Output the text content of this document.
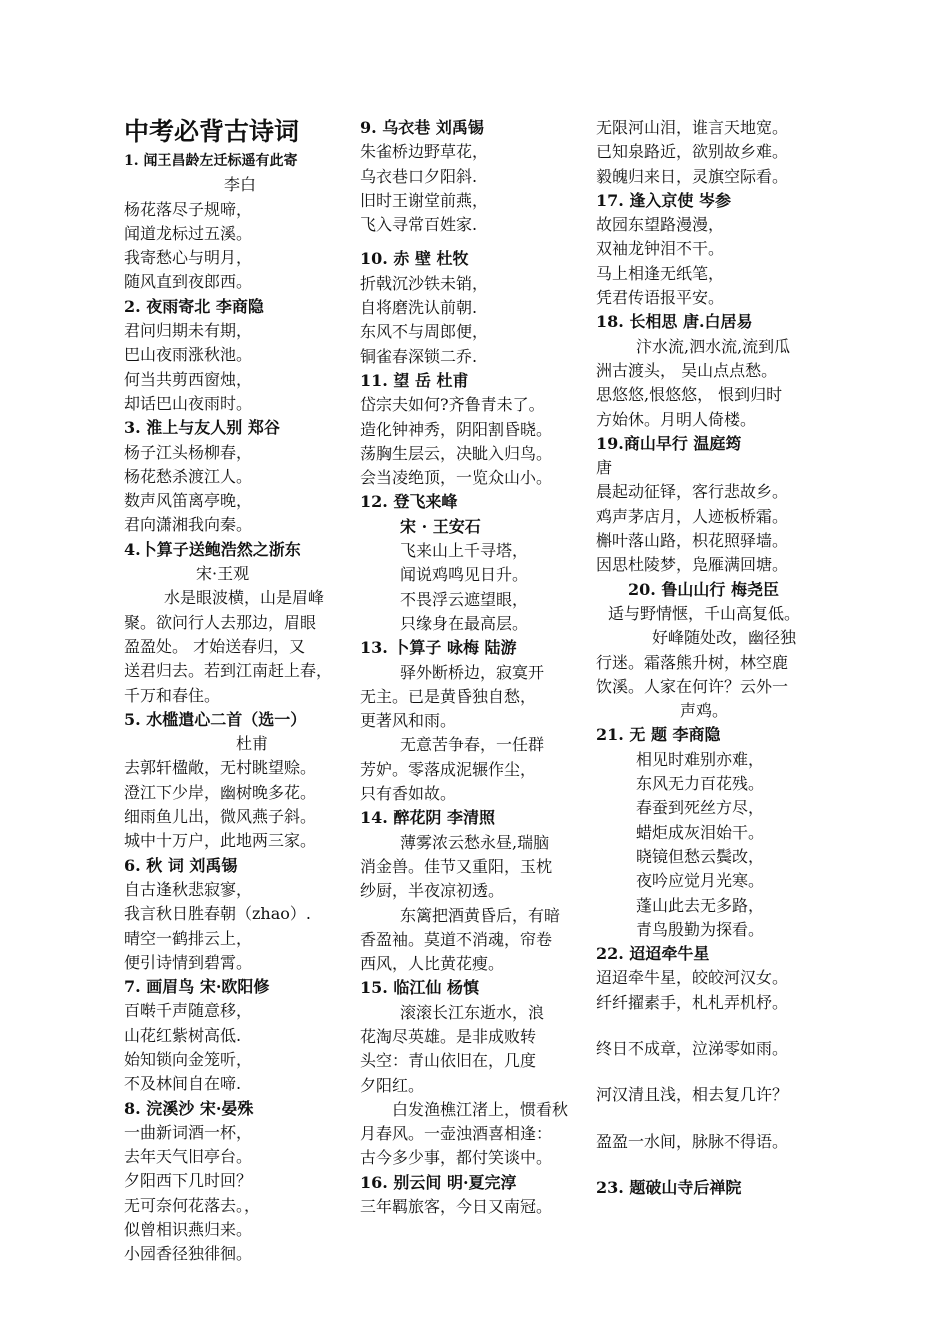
中考必背古诗词
1. 闻王昌龄左迁标遥有此寄
李白
杨花落尽子规啼，
闻道龙标过五溪。
我寄愁心与明月，
随风直到夜郎西。
2. 夜雨寄北 李商隐
君问归期未有期，
巴山夜雨涨秋池。
何当共剪西窗烛，
却话巴山夜雨时。
3. 淮上与友人别 郑谷
杨子江头杨柳春，
杨花愁杀渡江人。
数声风笛离亭晚，
君向潇湘我向秦。
4.卜算子送鲍浩然之浙东
宋·王观
水是眼波横，山是眉峰
聚。欲问行人去那边，眉眼
盈盈处。 才始送春归，又
送君归去。若到江南赶上春，
千万和春住。
5. 水槛遣心二首（选一）
杜甫
去郭轩楹敞，无村眺望赊。
澄江下少岸，幽树晚多花。
细雨鱼儿出，微风燕子斜。
城中十万户，此地两三家。
6. 秋 词 刘禹锡
自古逢秋悲寂寥，
我言秋日胜春朝（zhao）.
晴空一鹤排云上，
便引诗情到碧霄。
7. 画眉鸟 宋·欧阳修
百啭千声随意移，
山花红紫树高低.
始知锁向金笼听，
不及林间自在啼.
8. 浣溪沙 宋·晏殊
一曲新词酒一杯，
去年天气旧亭台。
夕阳西下几时回？
无可奈何花落去。，
似曾相识燕归来。
小园香径独徘徊。
9. 乌衣巷 刘禹锡
朱雀桥边野草花，
乌衣巷口夕阳斜.
旧时王谢堂前燕，
飞入寻常百姓家.
10. 赤 壁 杜牧
折戟沉沙铁未销，
自将磨洗认前朝.
东风不与周郎便，
铜雀春深锁二乔.
11. 望 岳 杜甫
岱宗夫如何?齐鲁青未了。
造化钟神秀，阴阳割昏晓。
荡胸生层云，决眦入归鸟。
会当凌绝顶，一览众山小。
12. 登飞来峰
宋 · 王安石
飞来山上千寻塔，
闻说鸡鸣见日升。
不畏浮云遮望眼，
只缘身在最高层。
13. 卜算子 咏梅 陆游
驿外断桥边，寂寞开
无主。已是黄昏独自愁，
更著风和雨。
无意苦争春，一任群
芳妒。零落成泥辗作尘，
只有香如故。
14. 醉花阴 李清照
薄雾浓云愁永昼,瑞脑
消金兽。佳节又重阳，玉枕
纱厨，半夜凉初透。
东篱把酒黄昏后，有暗
香盈袖。莫道不消魂，帘卷
西风，人比黄花瘦。
15. 临江仙 杨慎
滚滚长江东逝水，浪
花淘尽英雄。是非成败转
头空：青山依旧在，几度
夕阳红。
白发渔樵江渚上，惯看秋
月春风。一壶浊酒喜相逢：
古今多少事，都付笑谈中。
16. 别云间 明·夏完淳
三年羁旅客，今日又南冠。
无限河山泪，谁言天地宽。
已知泉路近，欲别故乡难。
毅魄归来日，灵旗空际看。
17. 逢入京使 岑参
故园东望路漫漫，
双袖龙钟泪不干。
马上相逢无纸笔，
凭君传语报平安。
18. 长相思 唐.白居易
汴水流,泗水流,流到瓜
洲古渡头， 吴山点点愁。
思悠悠,恨悠悠， 恨到归时
方始休。月明人倚楼。
19.商山早行 温庭筠
唐
晨起动征铎，客行悲故乡。
鸡声茅店月，人迹板桥霜。
槲叶落山路，枳花照驿墙。
因思杜陵梦，凫雁满回塘。
20. 鲁山山行 梅尧臣
适与野情惬，千山高复低。
好峰随处改，幽径独
行迷。霜落熊升树，林空鹿
饮溪。人家在何许？云外一
声鸡。
21. 无 题 李商隐
相见时难别亦难，
东风无力百花残。
春蚕到死丝方尽，
蜡炬成灰泪始干。
晓镜但愁云鬓改，
夜吟应觉月光寒。
蓬山此去无多路，
青鸟殷勤为探看。
22. 迢迢牵牛星
迢迢牵牛星，皎皎河汉女。
纤纤擢素手，札札弄机杼。
终日不成章，泣涕零如雨。
河汉清且浅，相去复几许？
盈盈一水间，脉脉不得语。
23. 题破山寺后禅院
